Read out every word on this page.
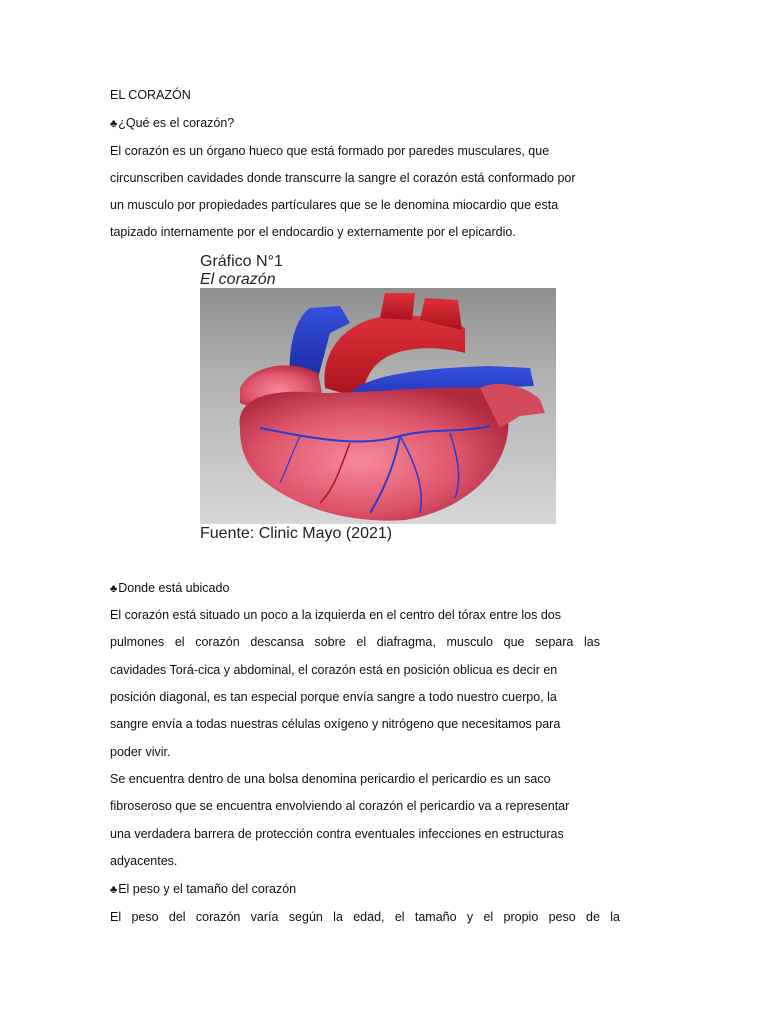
EL CORAZÓN
♣¿Qué es el corazón?
El corazón es un órgano hueco que está formado por paredes musculares, que
circunscriben cavidades donde transcurre la sangre el corazón está conformado por
un musculo por propiedades partículares que se le denomina miocardio que esta
tapizado internamente por el endocardio y externamente por el epicardio.
Gráfico N°1
El corazón
Fuente: Clinic Mayo (2021)
♣Donde está ubicado
El corazón está situado un poco a la izquierda en el centro del tórax entre los dos
pulmones el corazón descansa sobre el diafragma, musculo que separa las
cavidades Torá-cica y abdominal, el corazón está en posición oblicua es decir en
posición diagonal, es tan especial porque envía sangre a todo nuestro cuerpo, la
sangre envía a todas nuestras células oxígeno y nitrógeno que necesitamos para
poder vivir.
Se encuentra dentro de una bolsa denomina pericardio el pericardio es un saco
fibroseroso que se encuentra envolviendo al corazón el pericardio va a representar
una verdadera barrera de protección contra eventuales infecciones en estructuras
adyacentes.
♣El peso y el tamaño del corazón
El peso del corazón varía según la edad, el tamaño y el propio peso de la
